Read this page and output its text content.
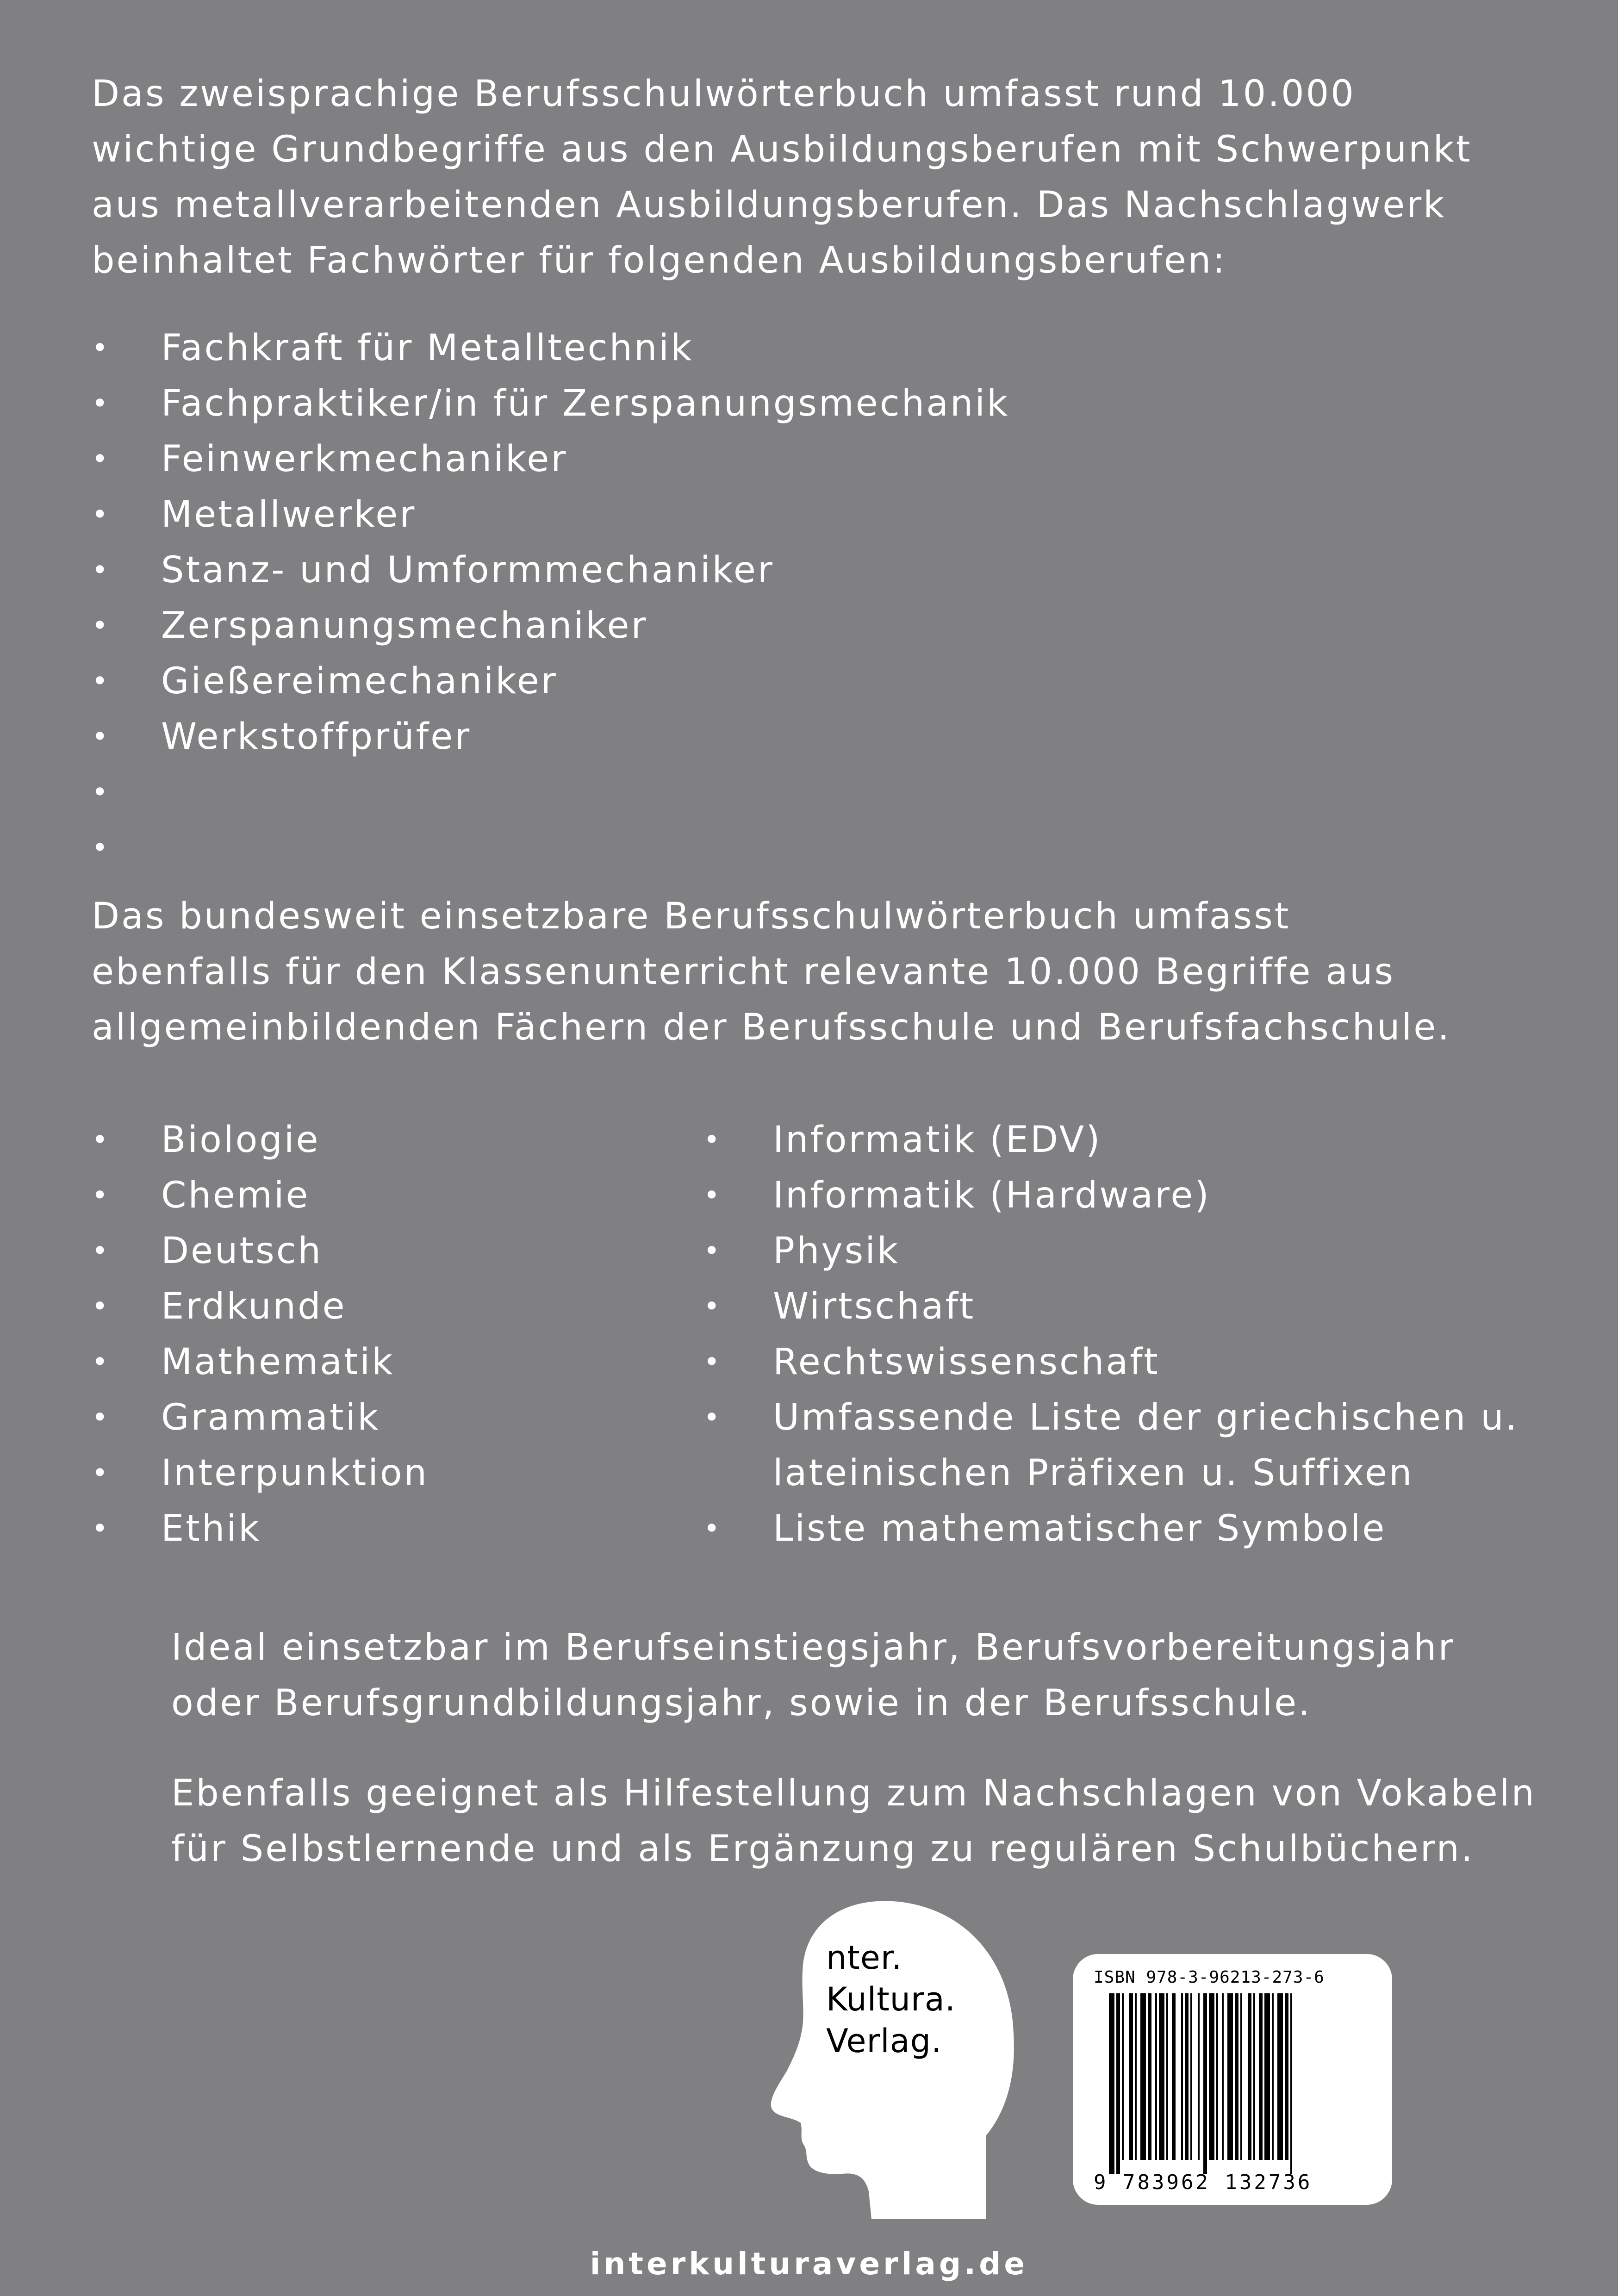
Das zweisprachige Berufsschulwörterbuch umfasst rund 10.000
wichtige Grundbegriffe aus den Ausbildungsberufen mit Schwerpunkt
aus metallverarbeitenden Ausbildungsberufen. Das Nachschlagwerk
beinhaltet Fachwörter für folgenden Ausbildungsberufen:
• Fachkraft für Metalltechnik
• Fachpraktiker/in für Zerspanungsmechanik
• Feinwerkmechaniker
• Metallwerker
• Stanz- und Umformmechaniker
• Zerspanungsmechaniker
• Gießereimechaniker
• Werkstoffprüfer
•
•
Das bundesweit einsetzbare Berufsschulwörterbuch umfasst
ebenfalls für den Klassenunterricht relevante 10.000 Begriffe aus
allgemeinbildenden Fächern der Berufsschule und Berufsfachschule.
• Biologie
• Chemie
• Deutsch
• Erdkunde
• Mathematik
• Grammatik
• Interpunktion
• Ethik
• Informatik (EDV)
• Informatik (Hardware)
• Physik
• Wirtschaft
• Rechtswissenschaft
• Umfassende Liste der griechischen u.
lateinischen Präfixen u. Suffixen
• Liste mathematischer Symbole
Ideal einsetzbar im Berufseinstiegsjahr, Berufsvorbereitungsjahr
oder Berufsgrundbildungsjahr, sowie in der Berufsschule.
Ebenfalls geeignet als Hilfestellung zum Nachschlagen von Vokabeln
für Selbstlernende und als Ergänzung zu regulären Schulbüchern.
nter.
Kultura.
Verlag.
ISBN 978-3-96213-273-6
9 783962 132736
interkulturaverlag.de
